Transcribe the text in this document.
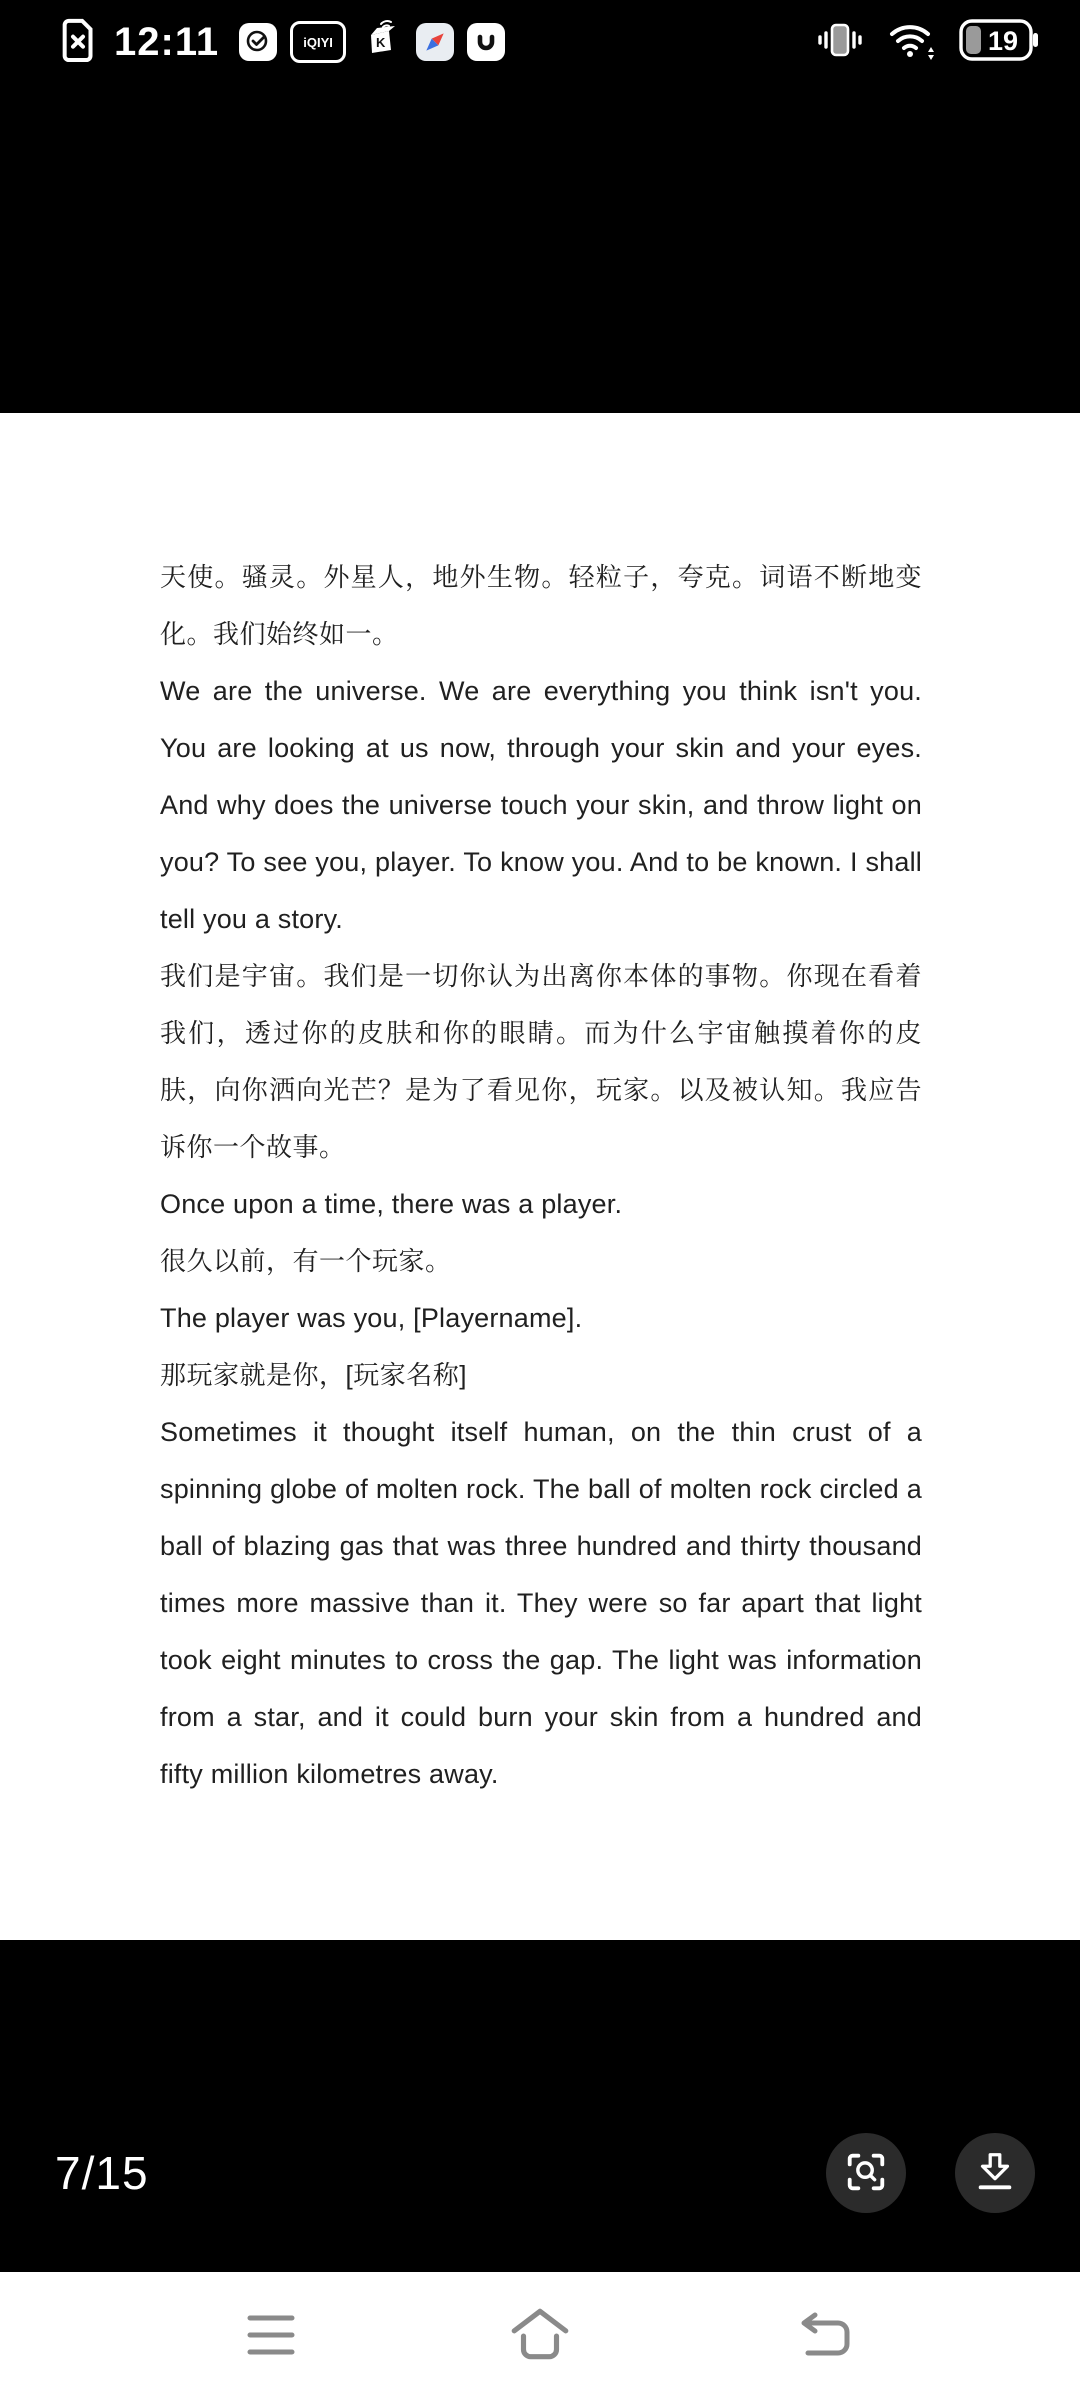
12:11	iQIYI	K	19

天使。骚灵。外星人，地外生物。轻粒子，夸克。词语不断地变化。我们始终如一。

We are the universe. We are everything you think isn't you. You are looking at us now, through your skin and your eyes. And why does the universe touch your skin, and throw light on you? To see you, player. To know you. And to be known. I shall tell you a story.

我们是宇宙。我们是一切你认为出离你本体的事物。你现在看着我们，透过你的皮肤和你的眼睛。而为什么宇宙触摸着你的皮肤，向你洒向光芒？是为了看见你，玩家。以及被认知。我应告诉你一个故事。

Once upon a time, there was a player.

很久以前，有一个玩家。

The player was you, [Playername].

那玩家就是你，[玩家名称]

Sometimes it thought itself human, on the thin crust of a spinning globe of molten rock. The ball of molten rock circled a ball of blazing gas that was three hundred and thirty thousand times more massive than it. They were so far apart that light took eight minutes to cross the gap. The light was information from a star, and it could burn your skin from a hundred and fifty million kilometres away.

7/15
